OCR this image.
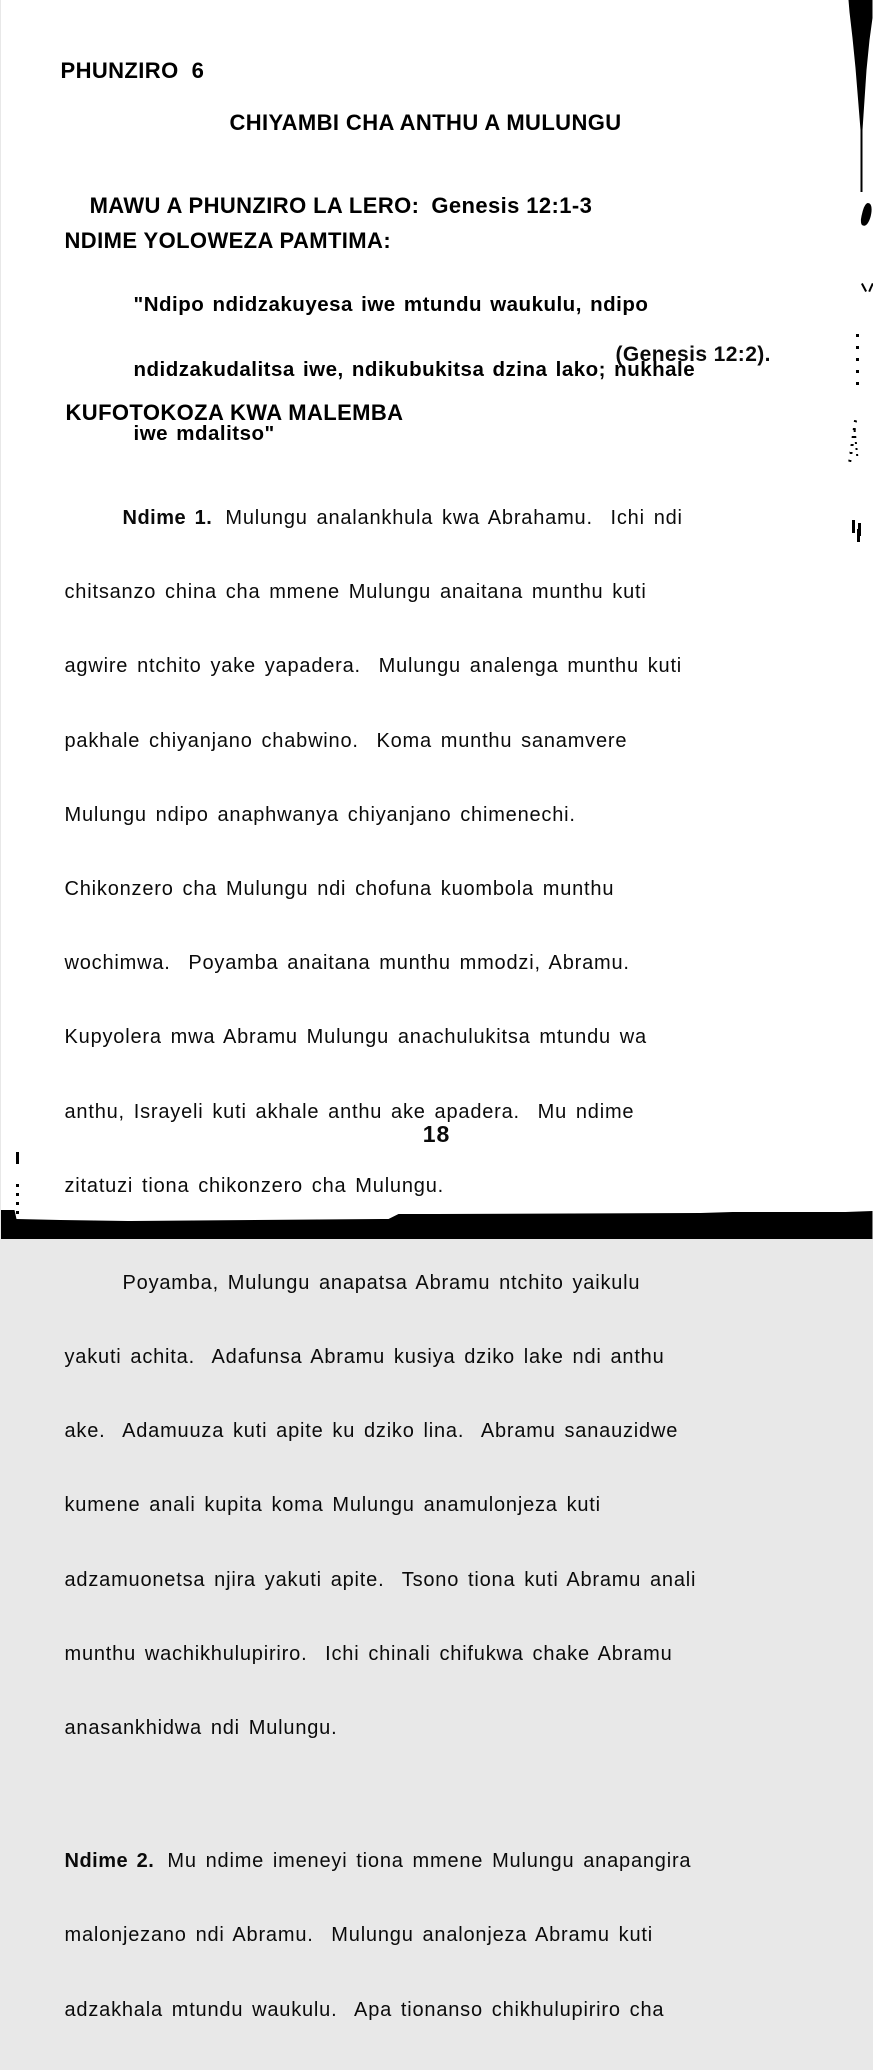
PHUNZIRO  6
CHIYAMBI CHA ANTHU A MULUNGU

MAWU A PHUNZIRO LA LERO: Genesis 12:1-3

NDIME YOLOWEZA PAMTIMA:

"Ndipo ndidzakuyesa iwe mtundu waukulu, ndipo

ndidzakudalitsa iwe, ndikubukitsa dzina lako; nukhale

iwe mdalitso"

(Genesis 12:2).
KUFOTOKOZA KWA MALEMBA

Ndime 1. Mulungu analankhula kwa Abrahamu.  Ichi ndi

chitsanzo china cha mmene Mulungu anaitana munthu kuti

agwire ntchito yake yapadera.  Mulungu analenga munthu kuti

pakhale chiyanjano chabwino.  Koma munthu sanamvere

Mulungu ndipo anaphwanya chiyanjano chimenechi.

Chikonzero cha Mulungu ndi chofuna kuombola munthu

wochimwa.  Poyamba anaitana munthu mmodzi, Abramu.

Kupyolera mwa Abramu Mulungu anachulukitsa mtundu wa

anthu, Israyeli kuti akhale anthu ake apadera.  Mu ndime

zitatuzi tiona chikonzero cha Mulungu.

Poyamba, Mulungu anapatsa Abramu ntchito yaikulu

yakuti achita.  Adafunsa Abramu kusiya dziko lake ndi anthu

ake.  Adamuuza kuti apite ku dziko lina.  Abramu sanauzidwe

kumene anali kupita koma Mulungu anamulonjeza kuti

adzamuonetsa njira yakuti apite.  Tsono tiona kuti Abramu anali

munthu wachikhulupiriro.  Ichi chinali chifukwa chake Abramu

anasankhidwa ndi Mulungu.

Ndime 2. Mu ndime imeneyi tiona mmene Mulungu anapangira

malonjezano ndi Abramu.  Mulungu analonjeza Abramu kuti

adzakhala mtundu waukulu.  Apa tionanso chikhulupiriro cha

18
